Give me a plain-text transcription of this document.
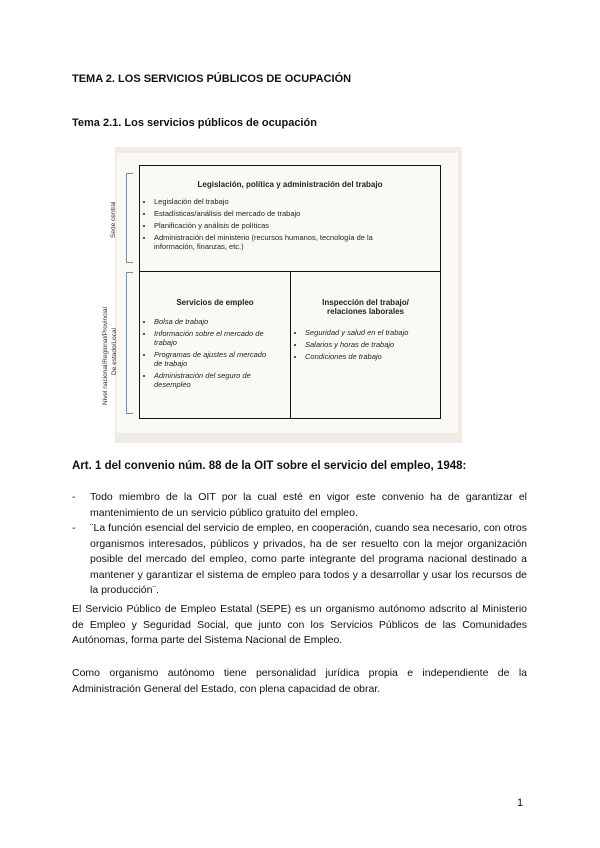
TEMA 2. LOS SERVICIOS PÚBLICOS DE OCUPACIÓN
Tema 2.1. Los servicios públicos de ocupación
Sede central
Nivel nacional/Regional/Provincial De estado/Local
Legislación, política y administración del trabajo
• Legislación del trabajo
• Estadísticas/análisis del mercado de trabajo
• Planificación y análisis de políticas
• Administración del ministerio (recursos humanos, tecnología de la información, finanzas, etc.)
Servicios de empleo
• Bolsa de trabajo
• Información sobre el mercado de trabajo
• Programas de ajustes al mercado de trabajo
• Administración del seguro de desempleo
Inspección del trabajo/ relaciones laborales
• Seguridad y salud en el trabajo
• Salarios y horas de trabajo
• Condiciones de trabajo
Art. 1 del convenio núm. 88 de la OIT sobre el servicio del empleo, 1948:
- Todo miembro de la OIT por la cual esté en vigor este convenio ha de garantizar el mantenimiento de un servicio público gratuito del empleo.
- ¨La función esencial del servicio de empleo, en cooperación, cuando sea necesario, con otros organismos interesados, públicos y privados, ha de ser resuelto con la mejor organización posible del mercado del empleo, como parte integrante del programa nacional destinado a mantener y garantizar el sistema de empleo para todos y a desarrollar y usar los recursos de la producción¨.
El Servicio Público de Empleo Estatal (SEPE) es un organismo autónomo adscrito al Ministerio de Empleo y Seguridad Social, que junto con los Servicios Públicos de las Comunidades Autónomas, forma parte del Sistema Nacional de Empleo.
Como organismo autónomo tiene personalidad jurídica propia e independiente de la Administración General del Estado, con plena capacidad de obrar.
1
